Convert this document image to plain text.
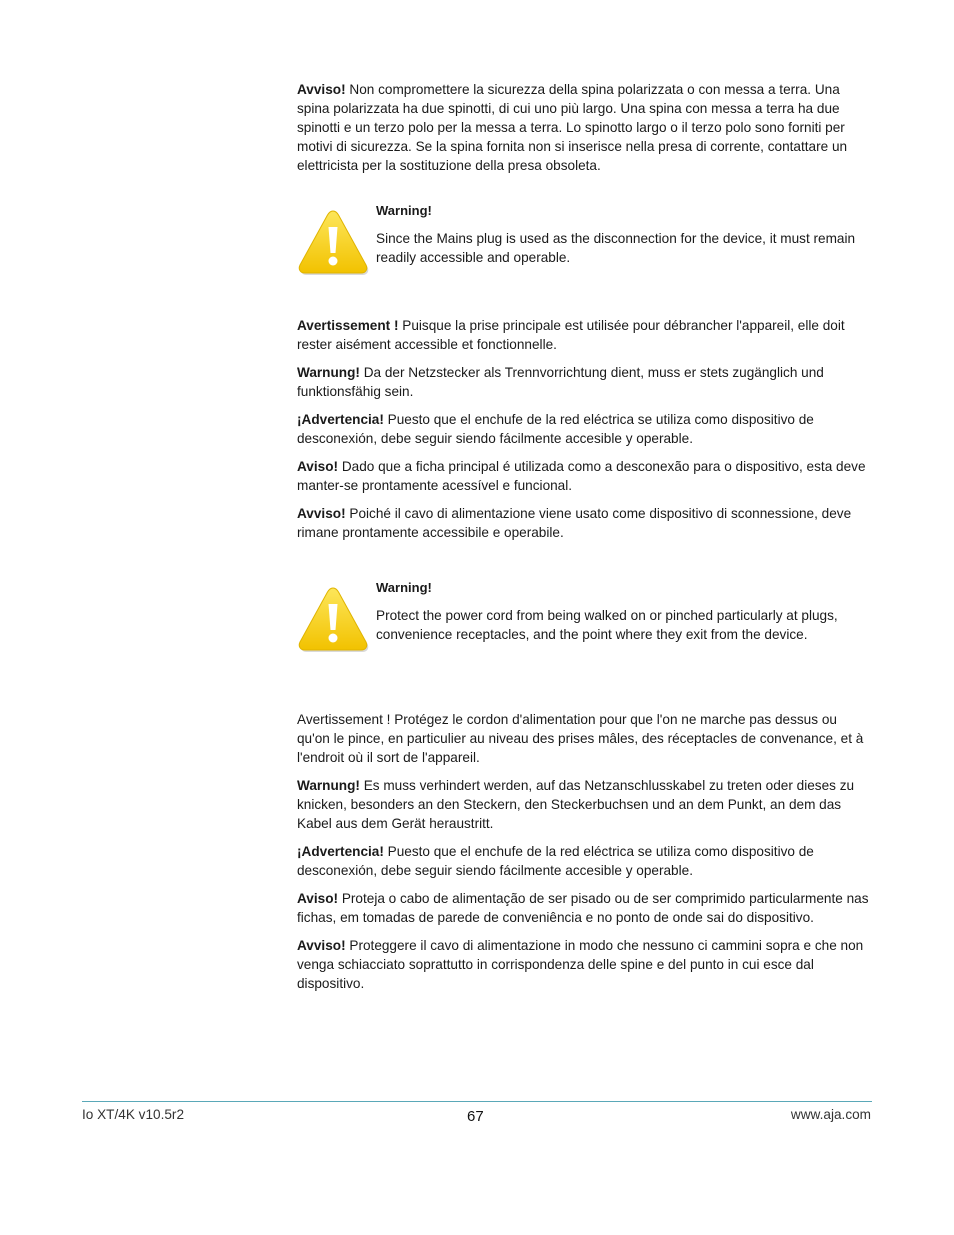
Avviso! Non compromettere la sicurezza della spina polarizzata o con messa a terra. Una spina polarizzata ha due spinotti, di cui uno più largo. Una spina con messa a terra ha due spinotti e un terzo polo per la messa a terra. Lo spinotto largo o il terzo polo sono forniti per motivi di sicurezza. Se la spina fornita non si inserisce nella presa di corrente, contattare un elettricista per la sostituzione della presa obsoleta.

Warning!

Since the Mains plug is used as the disconnection for the device, it must remain readily accessible and operable.

Avertissement ! Puisque la prise principale est utilisée pour débrancher l'appareil, elle doit rester aisément accessible et fonctionnelle.

Warnung! Da der Netzstecker als Trennvorrichtung dient, muss er stets zugänglich und funktionsfähig sein.

¡Advertencia! Puesto que el enchufe de la red eléctrica se utiliza como dispositivo de desconexión, debe seguir siendo fácilmente accesible y operable.

Aviso! Dado que a ficha principal é utilizada como a desconexão para o dispositivo, esta deve manter-se prontamente acessível e funcional.

Avviso! Poiché il cavo di alimentazione viene usato come dispositivo di sconnessione, deve rimane prontamente accessibile e operabile.

Warning!

Protect the power cord from being walked on or pinched particularly at plugs, convenience receptacles, and the point where they exit from the device.

Avertissement ! Protégez le cordon d'alimentation pour que l'on ne marche pas dessus ou qu'on le pince, en particulier au niveau des prises mâles, des réceptacles de convenance, et à l'endroit où il sort de l'appareil.

Warnung! Es muss verhindert werden, auf das Netzanschlusskabel zu treten oder dieses zu knicken, besonders an den Steckern, den Steckerbuchsen und an dem Punkt, an dem das Kabel aus dem Gerät heraustritt.

¡Advertencia! Puesto que el enchufe de la red eléctrica se utiliza como dispositivo de desconexión, debe seguir siendo fácilmente accesible y operable.

Aviso! Proteja o cabo de alimentação de ser pisado ou de ser comprimido particularmente nas fichas, em tomadas de parede de conveniência e no ponto de onde sai do dispositivo.

Avviso! Proteggere il cavo di alimentazione in modo che nessuno ci cammini sopra e che non venga schiacciato soprattutto in corrispondenza delle spine e del punto in cui esce dal dispositivo.

Io XT/4K v10.5r2	67	www.aja.com
